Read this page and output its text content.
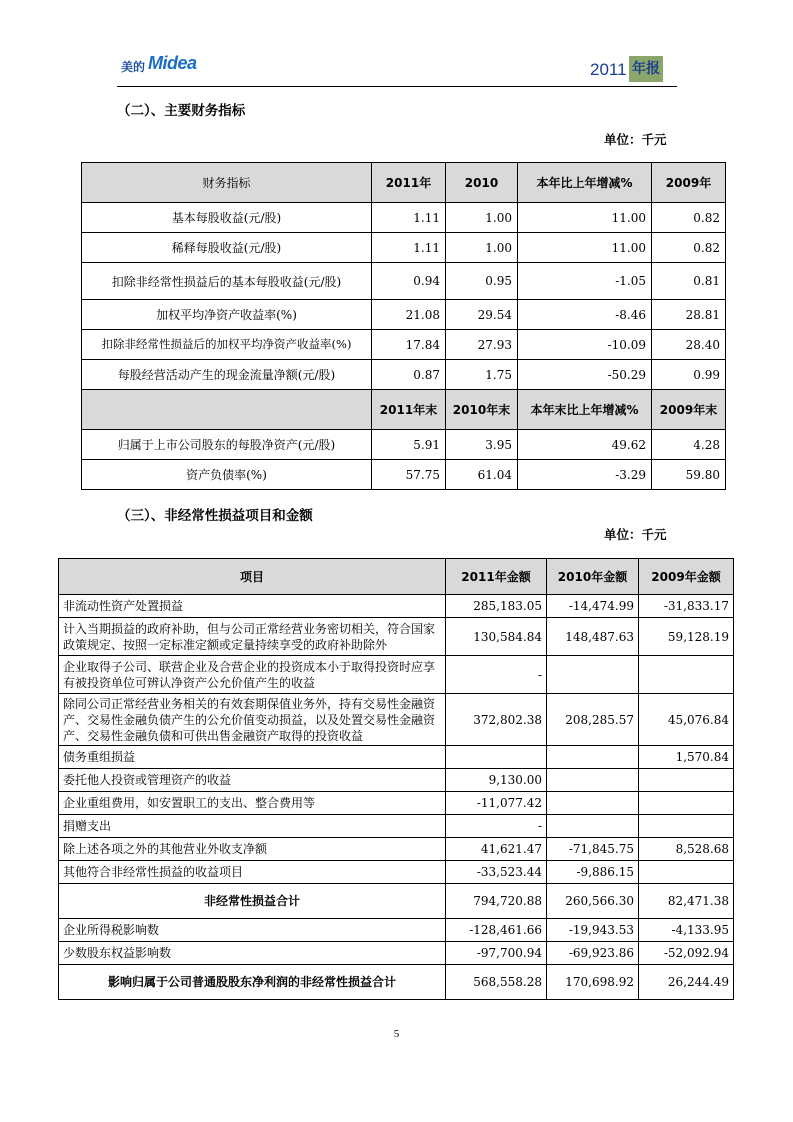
美的 Midea	2011 年报
（二）、主要财务指标
单位：千元
财务指标	2011年	2010	本年比上年增减%	2009年
基本每股收益(元/股)	1.11	1.00	11.00	0.82
稀释每股收益(元/股)	1.11	1.00	11.00	0.82
扣除非经常性损益后的基本每股收益(元/股)	0.94	0.95	-1.05	0.81
加权平均净资产收益率(%)	21.08	29.54	-8.46	28.81
扣除非经常性损益后的加权平均净资产收益率(%)	17.84	27.93	-10.09	28.40
每股经营活动产生的现金流量净额(元/股)	0.87	1.75	-50.29	0.99
	2011年末	2010年末	本年末比上年增减%	2009年末
归属于上市公司股东的每股净资产(元/股)	5.91	3.95	49.62	4.28
资产负债率(%)	57.75	61.04	-3.29	59.80
（三）、非经常性损益项目和金额
单位：千元
项目	2011年金额	2010年金额	2009年金额
非流动性资产处置损益	285,183.05	-14,474.99	-31,833.17

计入当期损益的政府补助，但与公司正常经营业务密切相关，符合国家政策规定、按照一定标准定额或定量持续享受的政府补助除外	130,584.84	148,487.63	59,128.19

企业取得子公司、联营企业及合营企业的投资成本小于取得投资时应享有被投资单位可辨认净资产公允价值产生的收益	-		

除同公司正常经营业务相关的有效套期保值业务外，持有交易性金融资产、交易性金融负债产生的公允价值变动损益，以及处置交易性金融资产、交易性金融负债和可供出售金融资产取得的投资收益	372,802.38	208,285.57	45,076.84
债务重组损益			1,570.84
委托他人投资或管理资产的收益	9,130.00		
企业重组费用，如安置职工的支出、整合费用等	-11,077.42		
捐赠支出	-		
除上述各项之外的其他营业外收支净额	41,621.47	-71,845.75	8,528.68
其他符合非经常性损益的收益项目	-33,523.44	-9,886.15	
非经常性损益合计	794,720.88	260,566.30	82,471.38
企业所得税影响数	-128,461.66	-19,943.53	-4,133.95
少数股东权益影响数	-97,700.94	-69,923.86	-52,092.94
影响归属于公司普通股股东净利润的非经常性损益合计	568,558.28	170,698.92	26,244.49
5
